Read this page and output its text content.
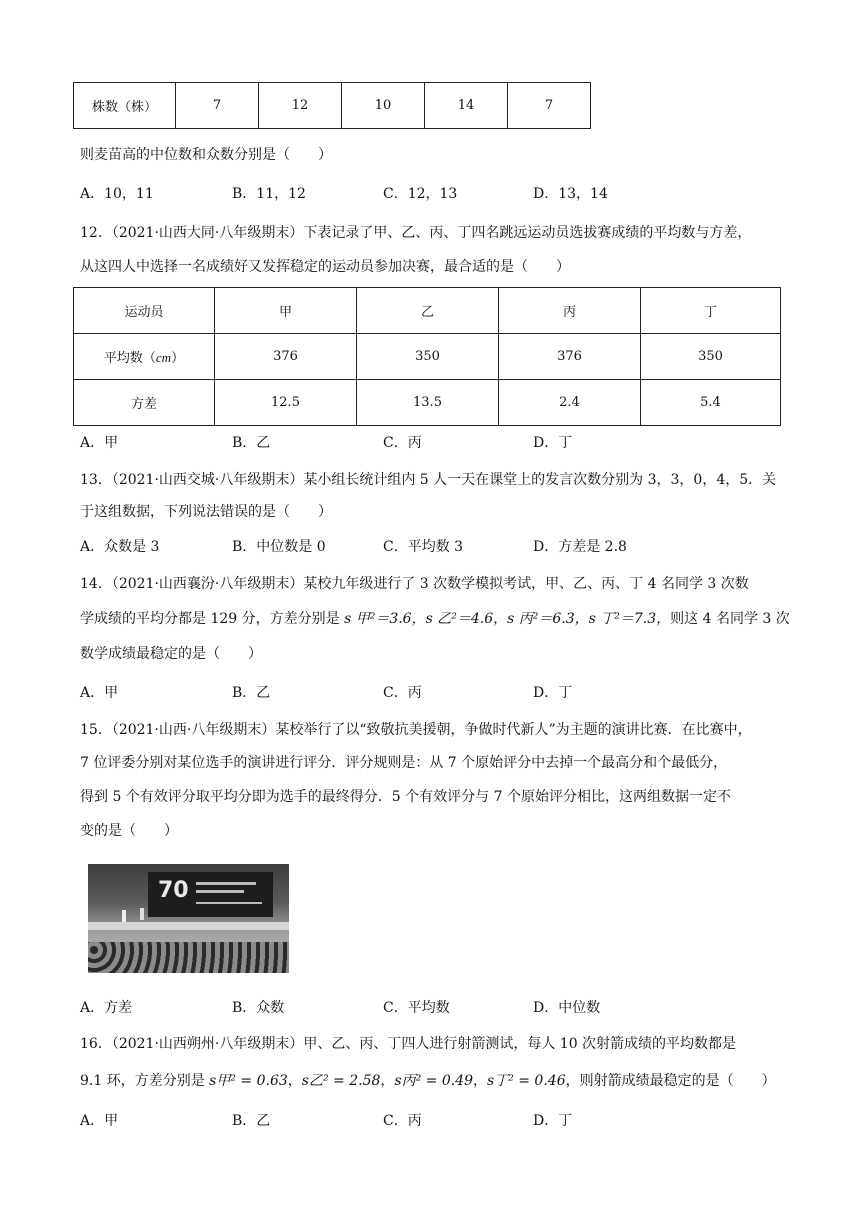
株数（株）	7	12	10	14	7
则麦苗高的中位数和众数分别是（　　）
A．10，11	B．11，12	C．12，13	D．13，14
12．（2021·山西大同·八年级期末）下表记录了甲、乙、丙、丁四名跳远运动员选拔赛成绩的平均数与方差，
从这四人中选择一名成绩好又发挥稳定的运动员参加决赛，最合适的是（　　）
运动员	甲	乙	丙	丁
平均数（cm）	376	350	376	350
方差	12.5	13.5	2.4	5.4
A．甲	B．乙	C．丙	D．丁
13．（2021·山西交城·八年级期末）某小组长统计组内 5 人一天在课堂上的发言次数分别为 3，3，0，4，5．关
于这组数据，下列说法错误的是（　　）
A．众数是 3	B．中位数是 0	C．平均数 3	D．方差是 2.8
14．（2021·山西襄汾·八年级期末）某校九年级进行了 3 次数学模拟考试，甲、乙、丙、丁 4 名同学 3 次数
学成绩的平均分都是 129 分，方差分别是 s 甲²＝3.6，s 乙²＝4.6，s 丙²＝6.3，s 丁²＝7.3，则这 4 名同学 3 次
数学成绩最稳定的是（　　）
A．甲	B．乙	C．丙	D．丁
15．（2021·山西·八年级期末）某校举行了以“致敬抗美援朝，争做时代新人”为主题的演讲比赛．在比赛中，
7 位评委分别对某位选手的演讲进行评分．评分规则是：从 7 个原始评分中去掉一个最高分和个最低分，
得到 5 个有效评分取平均分即为选手的最终得分．5 个有效评分与 7 个原始评分相比，这两组数据一定不
变的是（　　）
70
A．方差	B．众数	C．平均数	D．中位数
16．（2021·山西朔州·八年级期末）甲、乙、丙、丁四人进行射箭测试，每人 10 次射箭成绩的平均数都是
9.1 环，方差分别是 s甲² = 0.63，s乙² = 2.58，s丙² = 0.49，s丁² = 0.46，则射箭成绩最稳定的是（　　）
A．甲	B．乙	C．丙	D．丁
